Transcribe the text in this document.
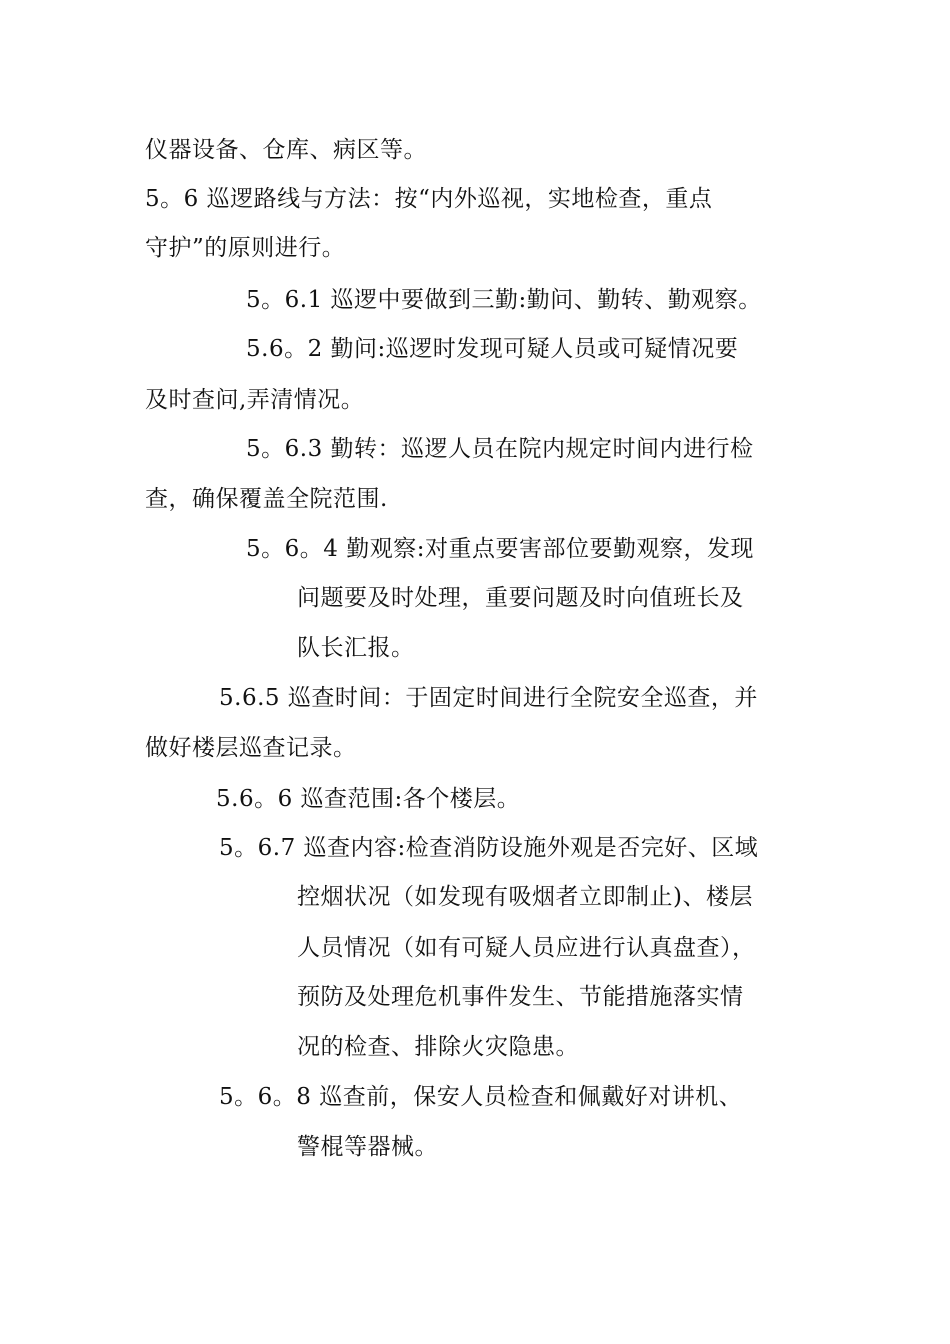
仪器设备、仓库、病区等。
5。6 巡逻路线与方法：按“内外巡视，实地检查，重点
守护”的原则进行。
5。6.1 巡逻中要做到三勤:勤问、勤转、勤观察。
5.6。2 勤问:巡逻时发现可疑人员或可疑情况要
及时查问,弄清情况。
5。6.3 勤转：巡逻人员在院内规定时间内进行检
查，确保覆盖全院范围.
5。6。4 勤观察:对重点要害部位要勤观察，发现
问题要及时处理，重要问题及时向值班长及
队长汇报。
5.6.5 巡查时间：于固定时间进行全院安全巡查，并
做好楼层巡查记录。
5.6。6 巡查范围:各个楼层。
5。6.7 巡查内容:检查消防设施外观是否完好、区域
控烟状况（如发现有吸烟者立即制止)、楼层
人员情况（如有可疑人员应进行认真盘查），
预防及处理危机事件发生、节能措施落实情
况的检查、排除火灾隐患。
5。6。8 巡查前，保安人员检查和佩戴好对讲机、
警棍等器械。
